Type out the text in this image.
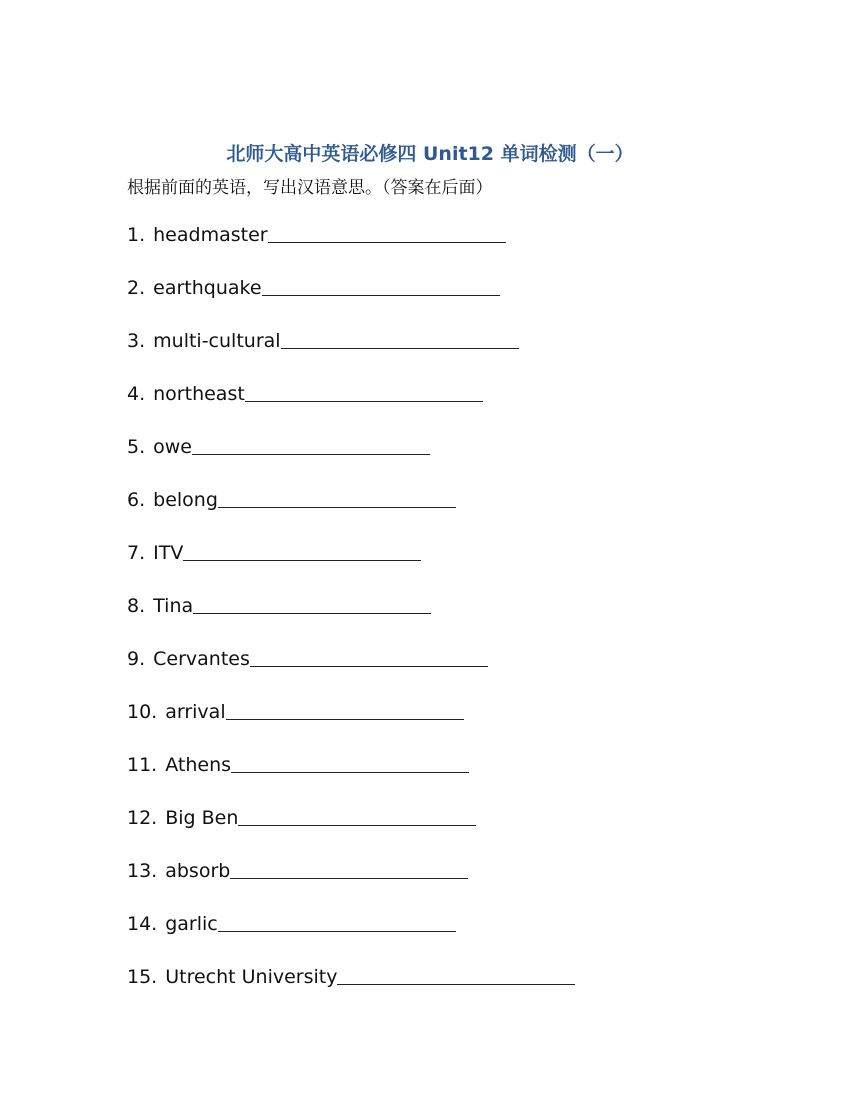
北师大高中英语必修四 Unit12 单词检测（一）
根据前面的英语，写出汉语意思。（答案在后面）
1. headmaster
2. earthquake
3. multi-cultural
4. northeast
5. owe
6. belong
7. ITV
8. Tina
9. Cervantes
10. arrival
11. Athens
12. Big Ben
13. absorb
14. garlic
15. Utrecht University
